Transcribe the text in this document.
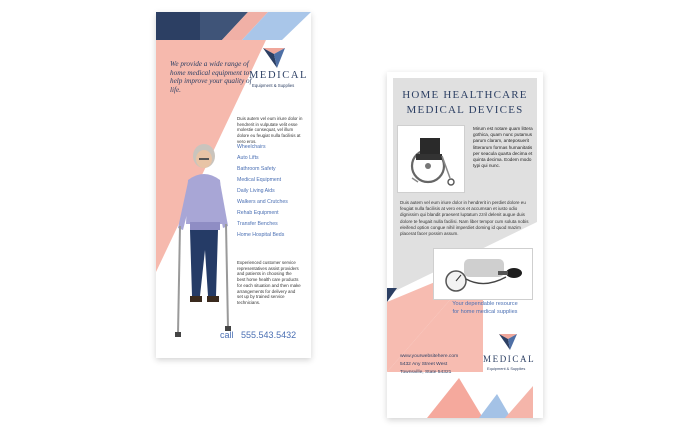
We provide a wide range of home medical equipment to help improve your quality of life.
MEDICAL
Equipment & Supplies
Duis autem vel eum iriure dolor in hendrerit in vulputate velit esse molestie consequat, vel illum dolore eu feugiat nulla facilisis at vero eros.
Wheelchairs
Auto Lifts
Bathroom Safety
Medical Equipment
Daily Living Aids
Walkers and Crutches
Rehab Equipment
Transfer Benches
Home Hospital Beds
Experienced customer service representatives assist providers and patients in choosing the best home health care products for each situation and then make arrangements for delivery and set up by trained service technicians.
call 555.543.5432
HOME HEALTHCARE
MEDICAL DEVICES
Mirum est notare quam littera gothica, quam nunc putamus parum claram, anteposuerit litterarum formas humanitatis per seacula quarta decima et quinta decima. Eodem modo typi qui nunc.
Duis autem vel eum iriure dolor in hendrerit in perdiet dolore eu feugiat nulla facilisis at vero eros et accumsan et iusto odio dignissim qui blandit praesent luptatum zzril delenit augue duis dolore te feugait nulla facilisi. Nam liber tempor cum soluta nobis eleifend option congue nihil imperdiet doming id quod mazim placerat facer possim assum.
Your dependable resource
for home medical supplies
www.yourwebsitehere.com
5432 Any Street West
Townsville, State 54321
MEDICAL
Equipment & Supplies
